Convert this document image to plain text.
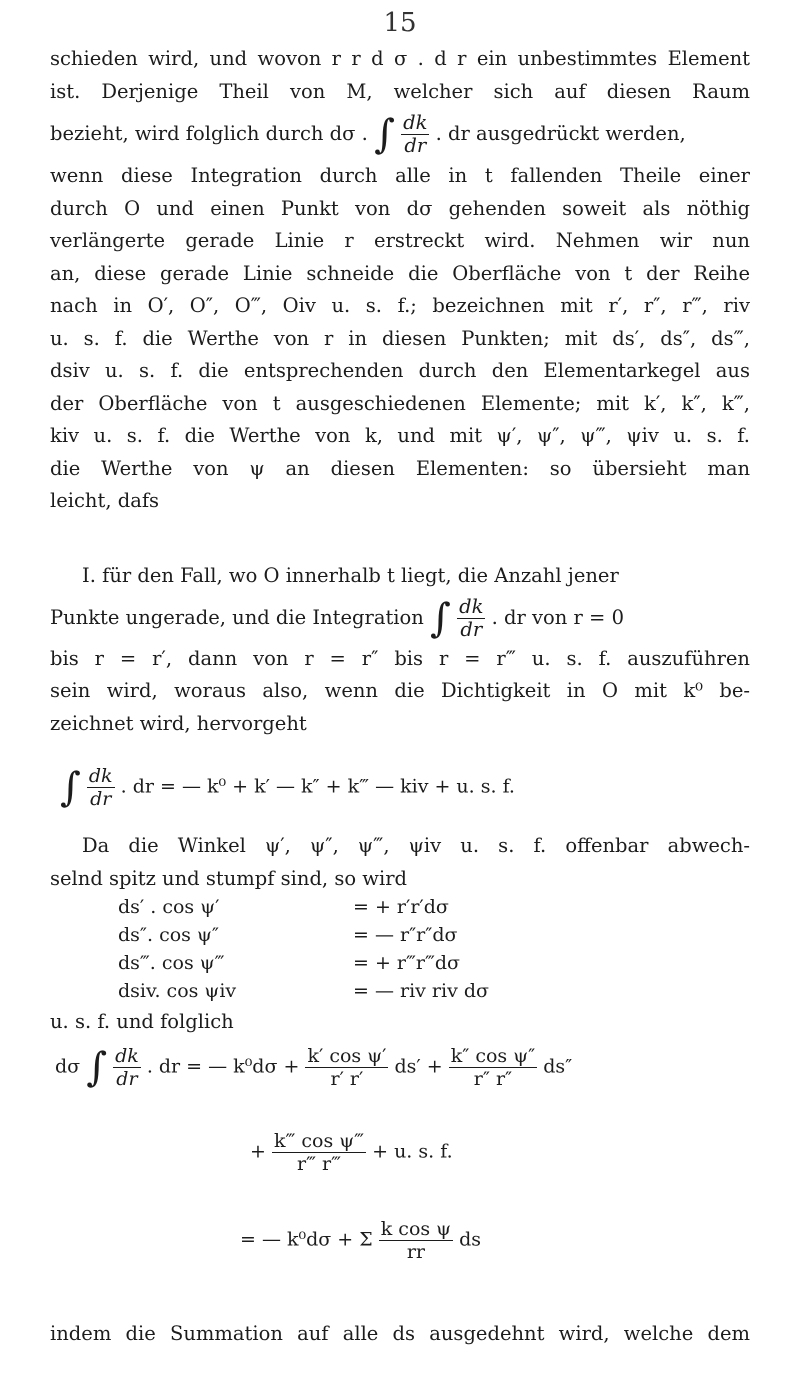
15
schieden wird, und wovon r r d σ . d r ein unbestimmtes Element
ist. Derjenige Theil von M, welcher sich auf diesen Raum
bezieht, wird folglich durch dσ . ∫ $\frac{dk}{dr}$ . dr ausgedrückt werden,
wenn diese Integration durch alle in t fallenden Theile einer
durch O und einen Punkt von dσ gehenden soweit als nöthig
verlängerte gerade Linie r erstreckt wird. Nehmen wir nun
an, diese gerade Linie schneide die Oberfläche von t der Reihe
nach in O′, O″, O‴, Oiv u. s. f.; bezeichnen mit r′, r″, r‴, riv
u. s. f. die Werthe von r in diesen Punkten; mit ds′, ds″, ds‴,
dsiv u. s. f. die entsprechenden durch den Elementarkegel aus
der Oberfläche von t ausgeschiedenen Elemente; mit k′, k″, k‴,
kiv u. s. f. die Werthe von k, und mit ψ′, ψ″, ψ‴, ψiv u. s. f.
die Werthe von ψ an diesen Elementen: so übersieht man
leicht, dafs
I. für den Fall, wo O innerhalb t liegt, die Anzahl jener
Punkte ungerade, und die Integration ∫ $\frac{dk}{dr}$ . dr von r = 0
bis r = r′, dann von r = r″ bis r = r‴ u. s. f. auszuführen
sein wird, woraus also, wenn die Dichtigkeit in O mit k⁰ be-
zeichnet wird, hervorgeht
∫ $\frac{dk}{dr}$ . dr = — k⁰ + k′ — k″ + k‴ — kiv + u. s. f.
Da die Winkel ψ′, ψ″, ψ‴, ψiv u. s. f. offenbar abwech-
selnd spitz und stumpf sind, so wird
ds′ . cos ψ′	= + r′r′dσ
ds″. cos ψ″	= — r″r″dσ
ds‴. cos ψ‴	= + r‴r‴dσ
dsiv. cos ψiv	= — riv riv dσ
u. s. f. und folglich
dσ ∫ $\frac{dk}{dr}$ . dr = — $k^0d\sigma + \frac{\text{k′ cos ψ′}}{r' r'} ds' + \frac{\text{k″ cos ψ″}}{r'' r''} ds''$
+ $\frac{\text{k‴ cos ψ‴}}{r‴ r‴} + u$. s. f.
= — k⁰dσ + Σ $\frac{\text{k cos ψ}}{rr}$ ds
indem die Summation auf alle ds ausgedehnt wird, welche dem
